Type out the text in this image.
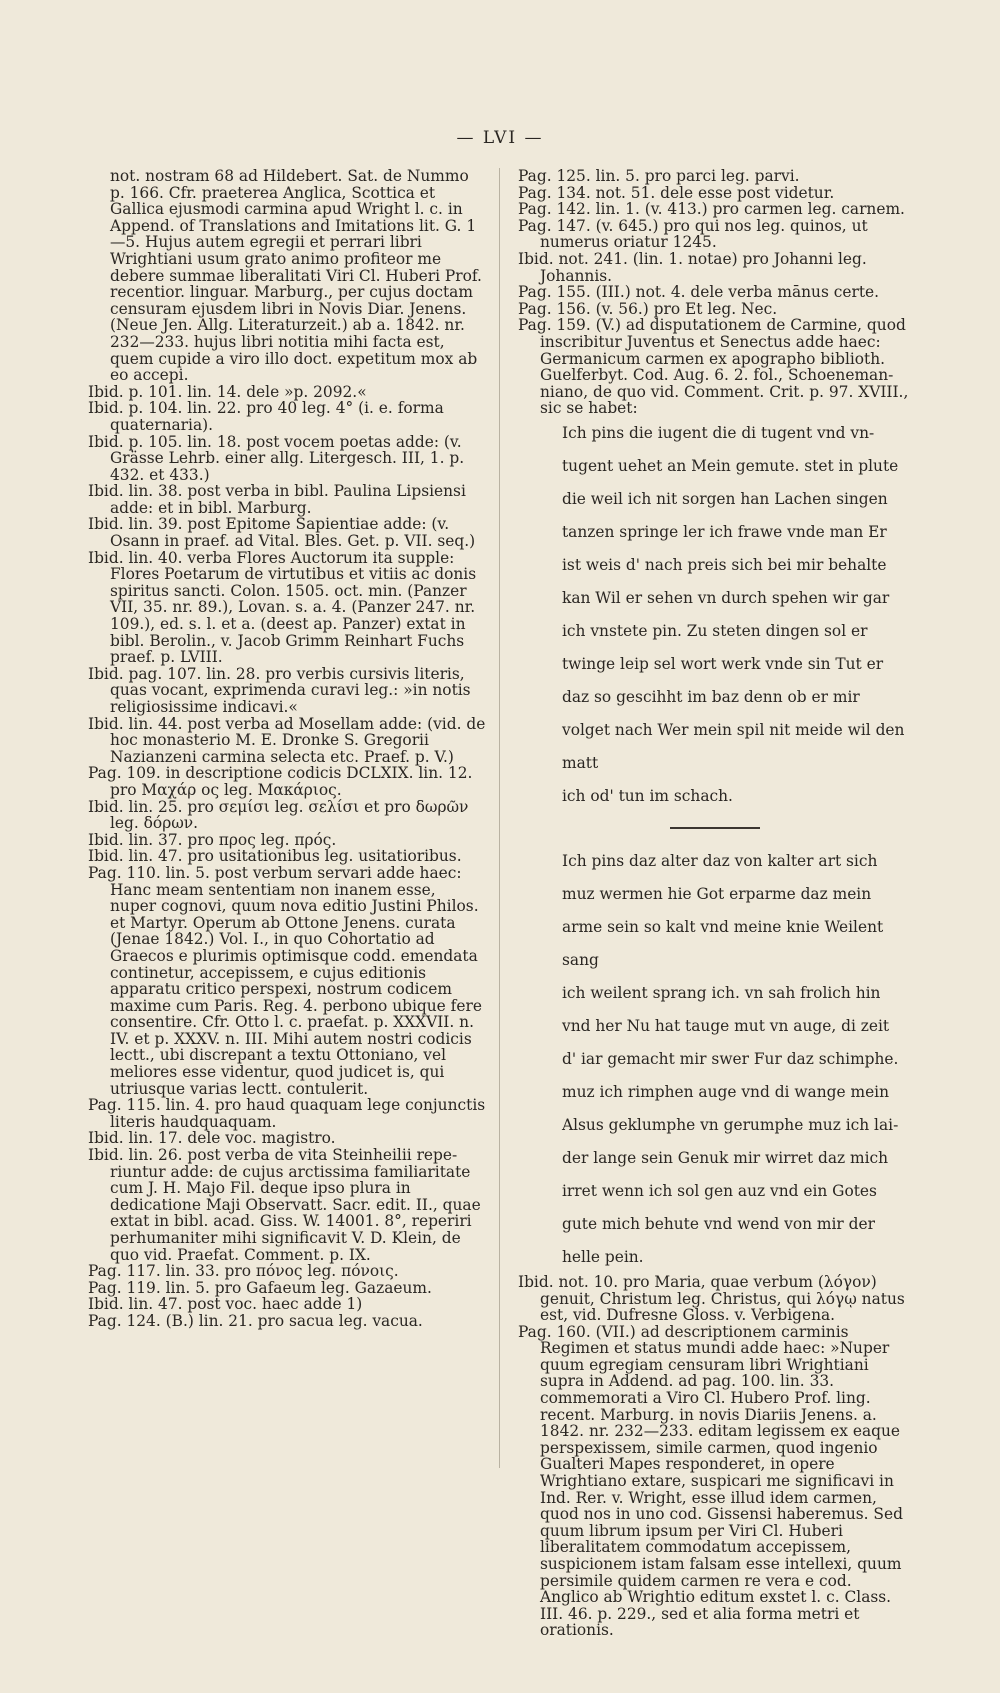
— LVI —

not. nostram 68 ad Hildebert. Sat. de Nummo p. 166. Cfr. praeterea Anglica, Scottica et Gallica ejusmodi carmina apud Wright l. c. in Append. of Translations and Imitations lit. G. 1—5. Hujus autem egregii et perrari libri Wrightiani usum grato animo profiteor me debere summae liberalitati Viri Cl. Huberi Prof. recentior. linguar. Marburg., per cujus doctam censuram ejusdem libri in Novis Diar. Jenens. (Neue Jen. Allg. Literaturzeit.) ab a. 1842. nr. 232—233. hujus libri notitia mihi facta est, quem cupide a viro illo doct. expetitum mox ab eo accepi.

Ibid. p. 101. lin. 14. dele »p. 2092.«

Ibid. p. 104. lin. 22. pro 40 leg. 4° (i. e. forma quaternaria).

Ibid. p. 105. lin. 18. post vocem poetas adde: (v. Grässe Lehrb. einer allg. Litergesch. III, 1. p. 432. et 433.)

Ibid. lin. 38. post verba in bibl. Paulina Lipsiensi adde: et in bibl. Marburg.

Ibid. lin. 39. post Epitome Sapientiae adde: (v. Osann in praef. ad Vital. Bles. Get. p. VII. seq.)

Ibid. lin. 40. verba Flores Auctorum ita supple: Flores Poetarum de virtutibus et vitiis ac donis spiritus sancti. Colon. 1505. oct. min. (Panzer VII, 35. nr. 89.), Lovan. s. a. 4. (Panzer 247. nr. 109.), ed. s. l. et a. (deest ap. Panzer) extat in bibl. Berolin., v. Jacob Grimm Reinhart Fuchs praef. p. LVIII.

Ibid. pag. 107. lin. 28. pro verbis cursivis literis, quas vocant, exprimenda curavi leg.: »in notis religiosissime indicavi.«

Ibid. lin. 44. post verba ad Mosellam adde: (vid. de hoc monasterio M. E. Dronke S. Gregorii Nazianzeni carmina selecta etc. Praef. p. V.)

Pag. 109. in descriptione codicis DCLXIX. lin. 12. pro Μαχάρ ος leg. Μακάριος.

Ibid. lin. 25. pro σεμίσι leg. σελίσι et pro δωρῶν leg. δόρων.

Ibid. lin. 37. pro προς leg. πρός.

Ibid. lin. 47. pro usitationibus leg. usitatioribus.

Pag. 110. lin. 5. post verbum servari adde haec: Hanc meam sententiam non inanem esse, nuper cognovi, quum nova editio Justini Philos. et Martyr. Operum ab Ottone Jenens. curata (Jenae 1842.) Vol. I., in quo Cohortatio ad Graecos e plurimis optimisque codd. emendata continetur, accepissem, e cujus editionis apparatu critico perspexi, nostrum codicem maxime cum Paris. Reg. 4. perbono ubique fere consentire. Cfr. Otto l. c. praefat. p. XXXVII. n. IV. et p. XXXV. n. III. Mihi autem nostri codicis lectt., ubi discrepant a textu Ottoniano, vel meliores esse videntur, quod judicet is, qui utriusque varias lectt. contulerit.

Pag. 115. lin. 4. pro haud quaquam lege conjunctis literis haudquaquam.

Ibid. lin. 17. dele voc. magistro.

Ibid. lin. 26. post verba de vita Steinheilii reperiuntur adde: de cujus arctissima familiaritate cum J. H. Majo Fil. deque ipso plura in dedicatione Maji Observatt. Sacr. edit. II., quae extat in bibl. acad. Giss. W. 14001. 8°, reperiri perhumaniter mihi significavit V. D. Klein, de quo vid. Praefat. Comment. p. IX.

Pag. 117. lin. 33. pro πόνος leg. πόνοις.

Pag. 119. lin. 5. pro Gafaeum leg. Gazaeum.

Ibid. lin. 47. post voc. haec adde 1)

Pag. 124. (B.) lin. 21. pro sacua leg. vacua.

Pag. 125. lin. 5. pro parci leg. parvi.

Pag. 134. not. 51. dele esse post videtur.

Pag. 142. lin. 1. (v. 413.) pro carmen leg. carnem.

Pag. 147. (v. 645.) pro qui nos leg. quinos, ut numerus oriatur 1245.

Ibid. not. 241. (lin. 1. notae) pro Johanni leg. Johannis.

Pag. 155. (III.) not. 4. dele verba mānus certe.

Pag. 156. (v. 56.) pro Et leg. Nec.

Pag. 159. (V.) ad disputationem de Carmine, quod inscribitur Juventus et Senectus adde haec: Germanicum carmen ex apographo biblioth. Guelferbyt. Cod. Aug. 6. 2. fol., Schoenemanniano, de quo vid. Comment. Crit. p. 97. XVIII., sic se habet:

Ich pins die iugent die di tugent vnd vn-
tugent uehet an Mein gemute. stet in plute
die weil ich nit sorgen han Lachen singen
tanzen springe ler ich frawe vnde man Er
ist weis d' nach preis sich bei mir behalte
kan Wil er sehen vn durch spehen wir gar ich vnstete pin. Zu steten dingen sol er
twinge leip sel wort werk vnde sin Tut er daz so gescihht im baz denn ob er mir volget nach Wer mein spil nit meide wil den matt
ich od' tun im schach.
Ich pins daz alter daz von kalter art sich
muz wermen hie Got erparme daz mein arme sein so kalt vnd meine knie Weilent sang
ich weilent sprang ich. vn sah frolich hin
vnd her Nu hat tauge mut vn auge, di zeit
d' iar gemacht mir swer Fur daz schimphe.
muz ich rimphen auge vnd di wange mein
Alsus geklumphe vn gerumphe muz ich lai-
der lange sein Genuk mir wirret daz mich irret wenn ich sol gen auz vnd ein Gotes
gute mich behute vnd wend von mir der helle pein.

Ibid. not. 10. pro Maria, quae verbum (λόγον) genuit, Christum leg. Christus, qui λόγῳ natus est, vid. Dufresne Gloss. v. Verbigena.

Pag. 160. (VII.) ad descriptionem carminis Regimen et status mundi adde haec: »Nuper quum egregiam censuram libri Wrightiani supra in Addend. ad pag. 100. lin. 33. commemorati a Viro Cl. Hubero Prof. ling. recent. Marburg. in novis Diariis Jenens. a. 1842. nr. 232—233. editam legissem ex eaque perspexissem, simile carmen, quod ingenio Gualteri Mapes responderet, in opere Wrightiano extare, suspicari me significavi in Ind. Rer. v. Wright, esse illud idem carmen, quod nos in uno cod. Gissensi haberemus. Sed quum librum ipsum per Viri Cl. Huberi liberalitatem commodatum accepissem, suspicionem istam falsam esse intellexi, quum persimile quidem carmen re vera e cod. Anglico ab Wrightio editum exstet l. c. Class. III. 46. p. 229., sed et alia forma metri et orationis.
